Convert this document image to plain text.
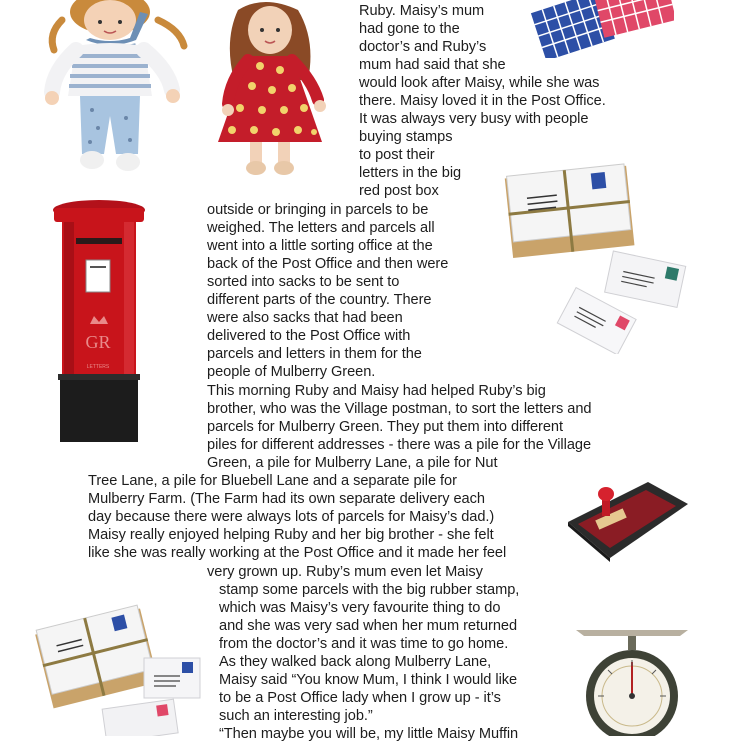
GR
LETTERS
Ruby. Maisy’s mum
had gone to the
doctor’s and Ruby’s
mum had said that she
would look after Maisy, while she was
there. Maisy loved it in the Post Office.
It was always very busy with people
buying stamps
to post their
letters in the big
red post box
outside or bringing in parcels to be
weighed. The letters and parcels all
went into a little sorting office at the
back of the Post Office and then were
sorted into sacks to be sent to
different parts of the country. There
were also sacks that had been
delivered to the Post Office with
parcels and letters in them for the
people of Mulberry Green.
This morning Ruby and Maisy had helped Ruby’s big
brother, who was the Village postman, to sort the letters and
parcels for Mulberry Green. They put them into different
piles for different addresses - there was a pile for the Village
Green, a pile for Mulberry Lane, a pile for Nut
Tree Lane, a pile for Bluebell Lane and a separate pile for
Mulberry Farm. (The Farm had its own separate delivery each
day because there were always lots of parcels for Maisy’s dad.)
Maisy really enjoyed helping Ruby and her big brother - she felt
like she was really working at the Post Office and it made her feel
very grown up. Ruby’s mum even let Maisy
stamp some parcels with the big rubber stamp,
which was Maisy’s very favourite thing to do
and she was very sad when her mum returned
from the doctor’s and it was time to go home.
As they walked back along Mulberry Lane,
Maisy said “You know Mum, I think I would like
to be a Post Office lady when I grow up - it’s
such an interesting job.”
“Then maybe you will be, my little Maisy Muffin
